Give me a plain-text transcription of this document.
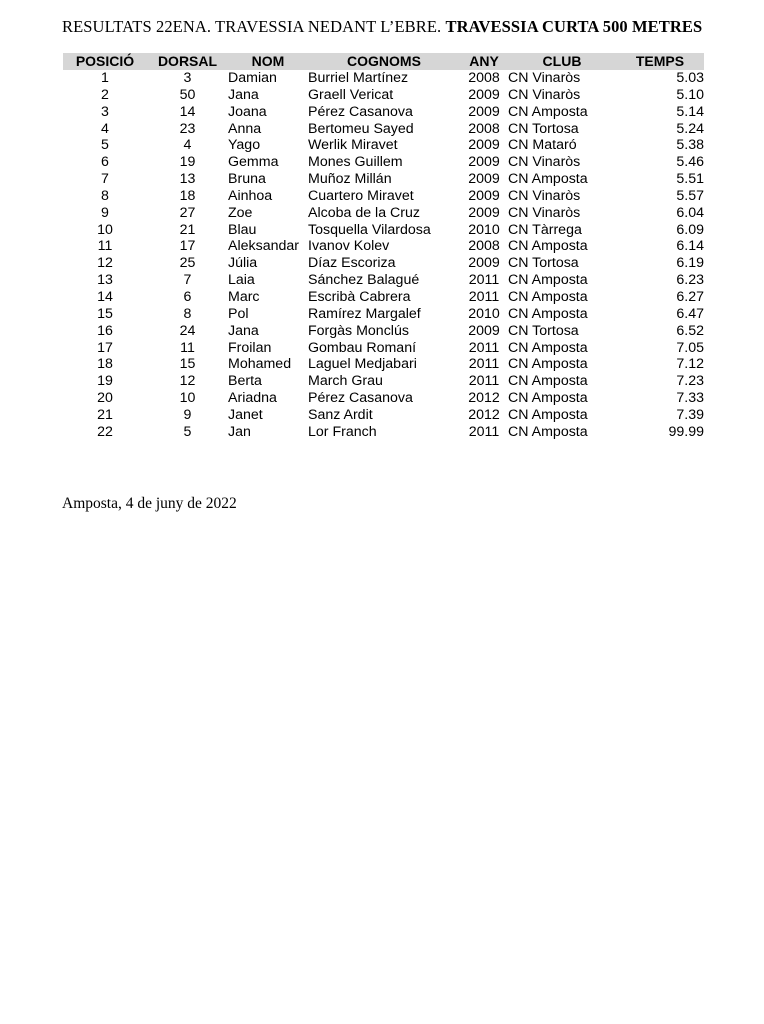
RESULTATS 22ENA. TRAVESSIA NEDANT L’EBRE. TRAVESSIA CURTA 500 METRES
POSICIÓ	DORSAL	NOM	COGNOMS	ANY	CLUB	TEMPS
1	3	Damian	Burriel Martínez	2008	CN Vinaròs	5.03
2	50	Jana	Graell Vericat	2009	CN Vinaròs	5.10
3	14	Joana	Pérez Casanova	2009	CN Amposta	5.14
4	23	Anna	Bertomeu Sayed	2008	CN Tortosa	5.24
5	4	Yago	Werlik Miravet	2009	CN Mataró	5.38
6	19	Gemma	Mones Guillem	2009	CN Vinaròs	5.46
7	13	Bruna	Muñoz Millán	2009	CN Amposta	5.51
8	18	Ainhoa	Cuartero Miravet	2009	CN Vinaròs	5.57
9	27	Zoe	Alcoba de la Cruz	2009	CN Vinaròs	6.04
10	21	Blau	Tosquella Vilardosa	2010	CN Tàrrega	6.09
11	17	Aleksandar	Ivanov Kolev	2008	CN Amposta	6.14
12	25	Júlia	Díaz Escoriza	2009	CN Tortosa	6.19
13	7	Laia	Sánchez Balagué	2011	CN Amposta	6.23
14	6	Marc	Escribà Cabrera	2011	CN Amposta	6.27
15	8	Pol	Ramírez Margalef	2010	CN Amposta	6.47
16	24	Jana	Forgàs Monclús	2009	CN Tortosa	6.52
17	11	Froilan	Gombau Romaní	2011	CN Amposta	7.05
18	15	Mohamed	Laguel Medjabari	2011	CN Amposta	7.12
19	12	Berta	March Grau	2011	CN Amposta	7.23
20	10	Ariadna	Pérez Casanova	2012	CN Amposta	7.33
21	9	Janet	Sanz Ardit	2012	CN Amposta	7.39
22	5	Jan	Lor Franch	2011	CN Amposta	99.99
Amposta, 4 de juny de 2022
